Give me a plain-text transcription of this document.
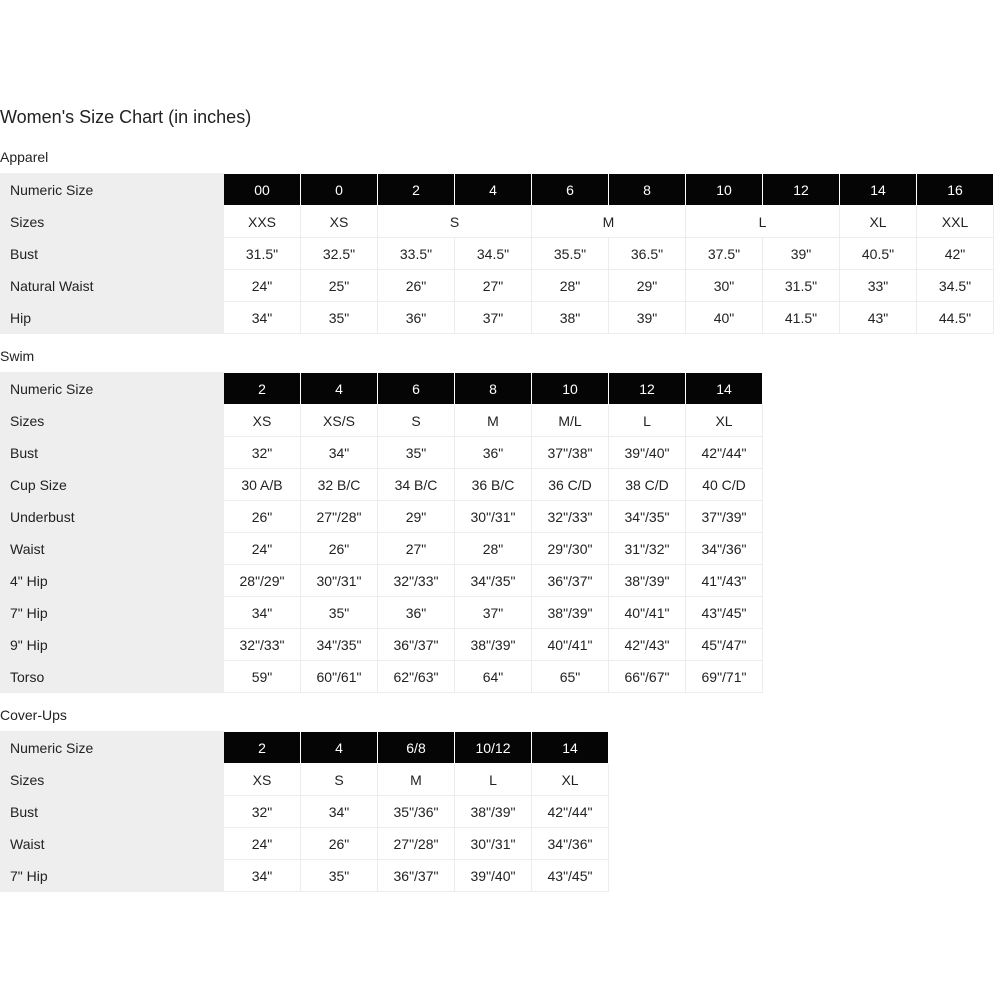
Women's Size Chart (in inches)
Apparel
Numeric Size	00	0	2	4	6	8	10	12	14	16
Sizes	XXS	XS	S		M		L		XL	XXL
Bust	31.5"	32.5"	33.5"	34.5"	35.5"	36.5"	37.5"	39"	40.5"	42"
Natural Waist	24"	25"	26"	27"	28"	29"	30"	31.5"	33"	34.5"
Hip	34"	35"	36"	37"	38"	39"	40"	41.5"	43"	44.5"
Swim
Numeric Size	2	4	6	8	10	12	14
Sizes	XS	XS/S	S	M	M/L	L	XL
Bust	32"	34"	35"	36"	37"/38"	39"/40"	42"/44"
Cup Size	30 A/B	32 B/C	34 B/C	36 B/C	36 C/D	38 C/D	40 C/D
Underbust	26"	27"/28"	29"	30"/31"	32"/33"	34"/35"	37"/39"
Waist	24"	26"	27"	28"	29"/30"	31"/32"	34"/36"
4" Hip	28"/29"	30"/31"	32"/33"	34"/35"	36"/37"	38"/39"	41"/43"
7" Hip	34"	35"	36"	37"	38"/39"	40"/41"	43"/45"
9" Hip	32"/33"	34"/35"	36"/37"	38"/39"	40"/41"	42"/43"	45"/47"
Torso	59"	60"/61"	62"/63"	64"	65"	66"/67"	69"/71"
Cover-Ups
Numeric Size	2	4	6/8	10/12	14
Sizes	XS	S	M	L	XL
Bust	32"	34"	35"/36"	38"/39"	42"/44"
Waist	24"	26"	27"/28"	30"/31"	34"/36"
7" Hip	34"	35"	36"/37"	39"/40"	43"/45"
